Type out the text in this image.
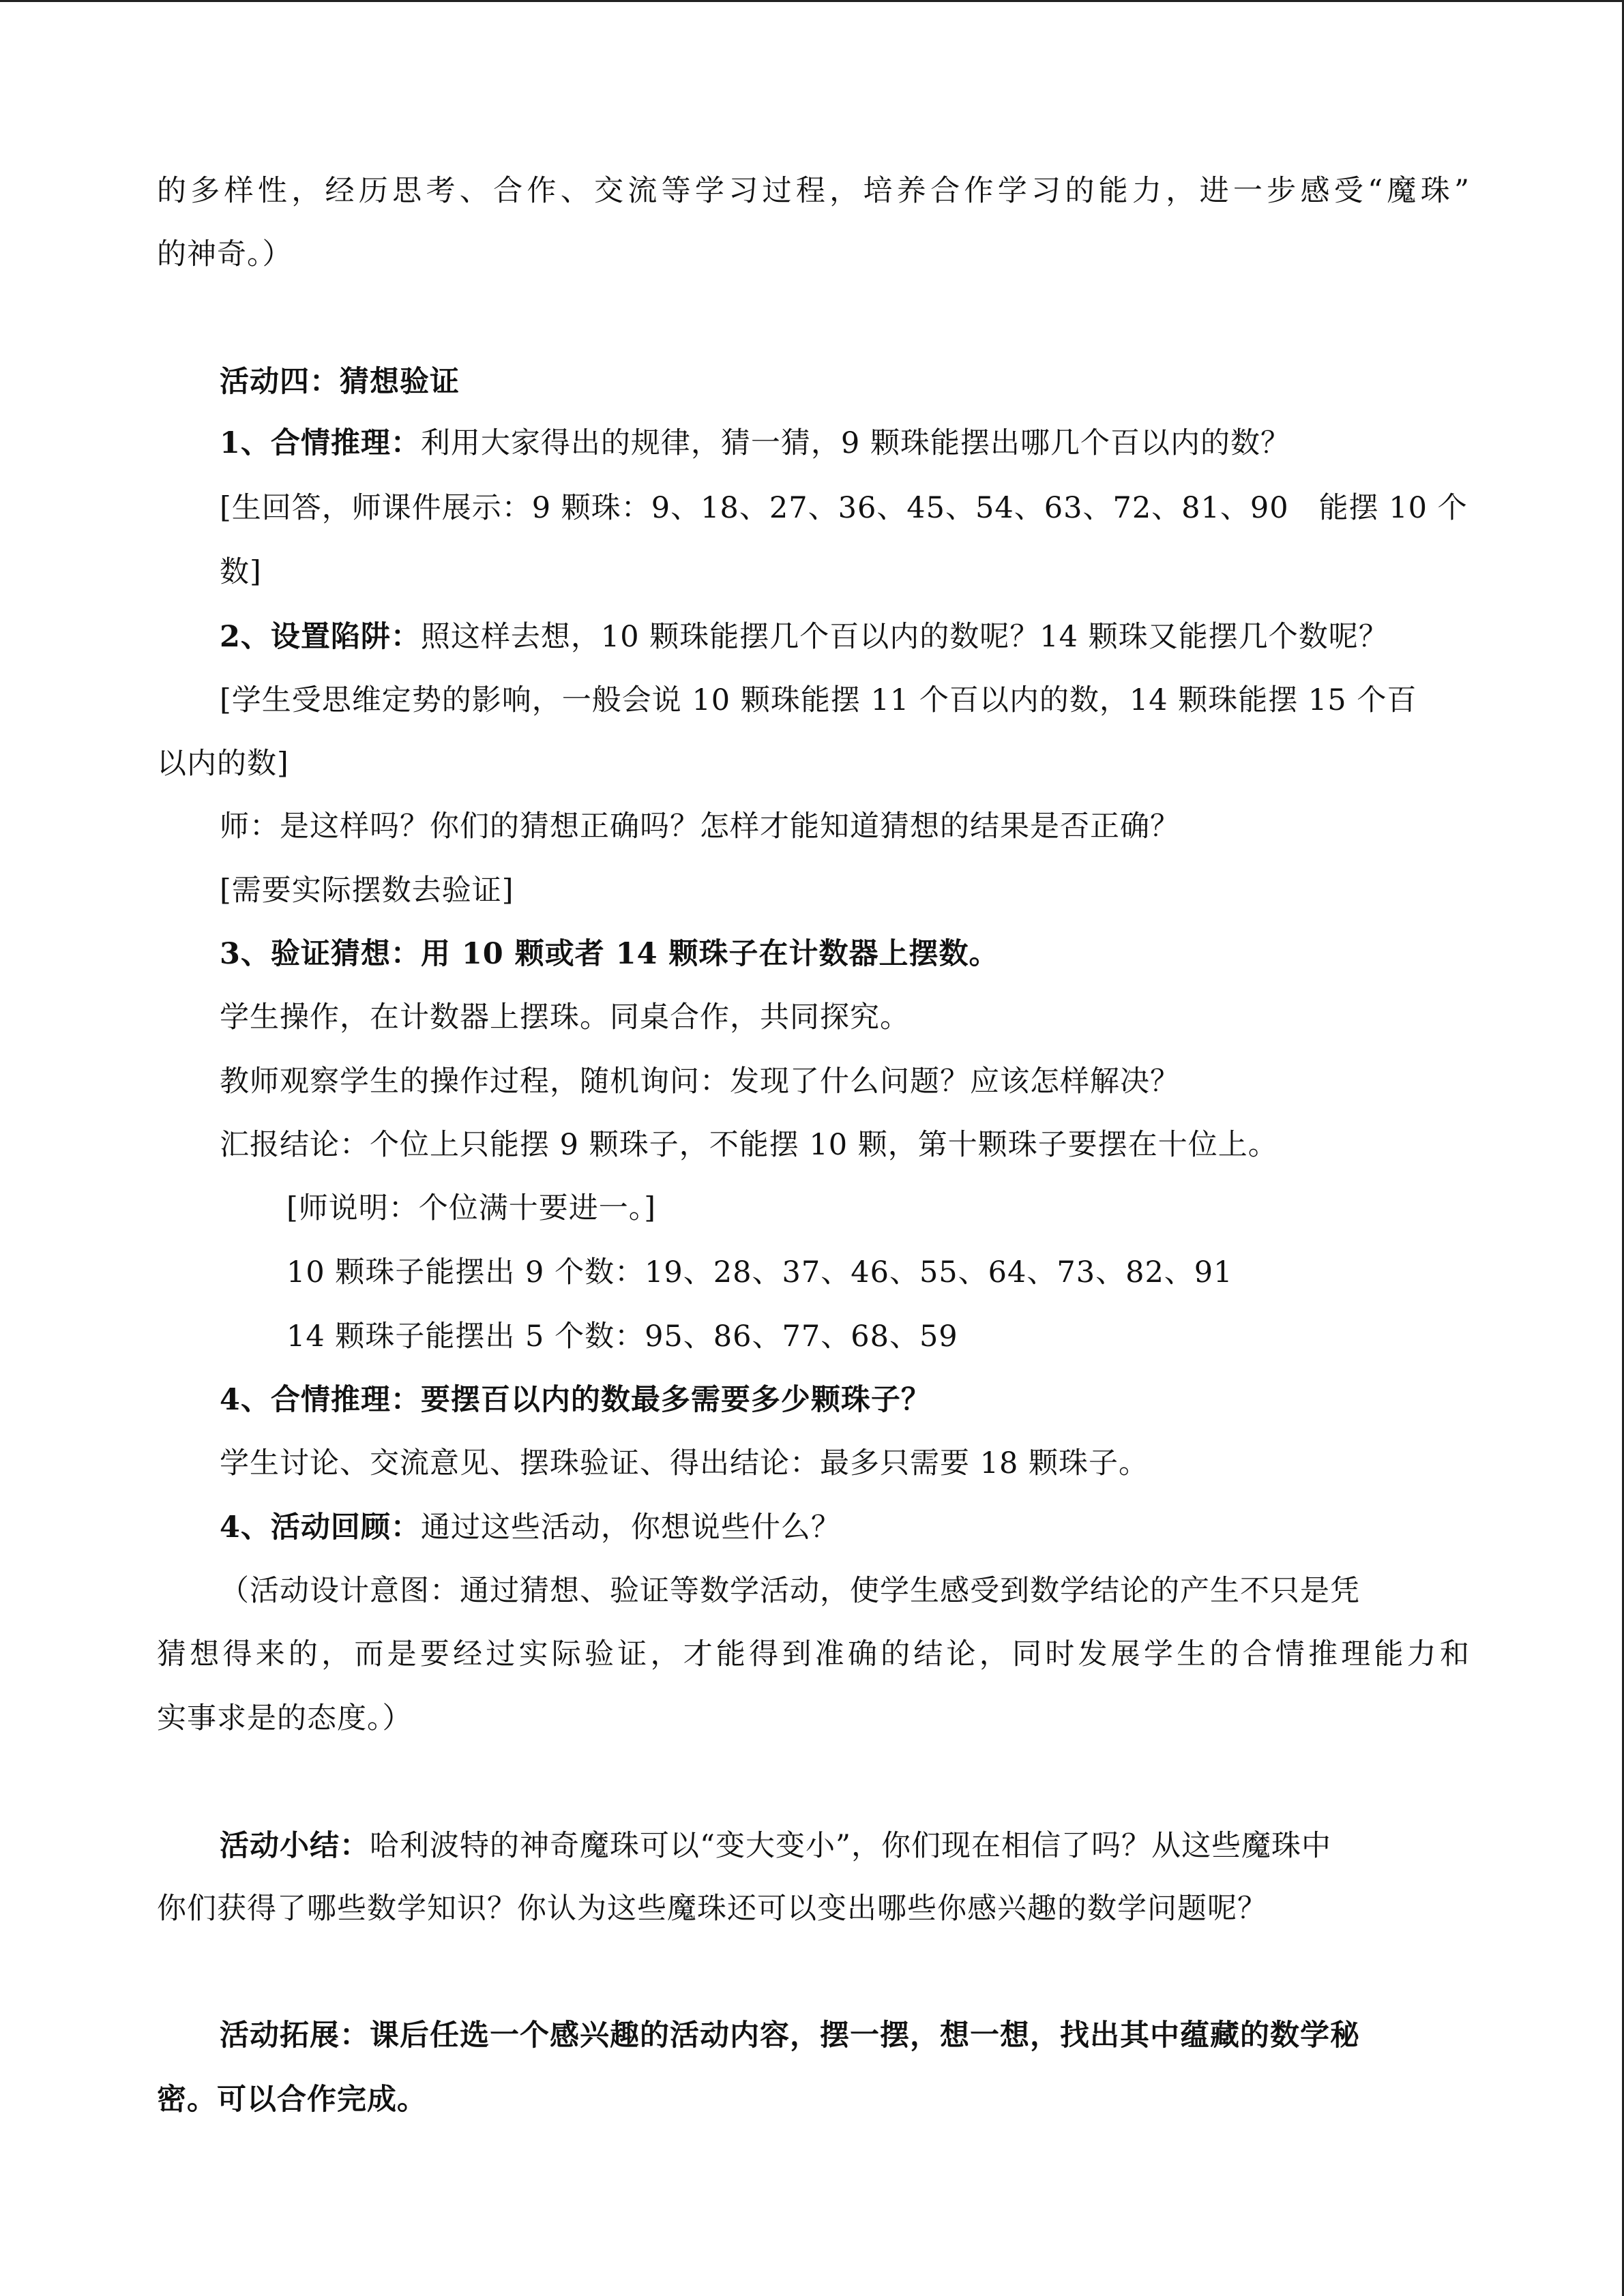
的多样性，经历思考、合作、交流等学习过程，培养合作学习的能力，进一步感受“魔珠”
的神奇。）
活动四：猜想验证
1、合情推理：利用大家得出的规律，猜一猜，9 颗珠能摆出哪几个百以内的数？
[生回答，师课件展示：9 颗珠：9、18、27、36、45、54、63、72、81、90　能摆 10 个
数]
2、设置陷阱：照这样去想，10 颗珠能摆几个百以内的数呢？14 颗珠又能摆几个数呢？
[学生受思维定势的影响，一般会说 10 颗珠能摆 11 个百以内的数，14 颗珠能摆 15 个百
以内的数]
师：是这样吗？你们的猜想正确吗？怎样才能知道猜想的结果是否正确？
[需要实际摆数去验证]
3、验证猜想：用 10 颗或者 14 颗珠子在计数器上摆数。
学生操作，在计数器上摆珠。同桌合作，共同探究。
教师观察学生的操作过程，随机询问：发现了什么问题？应该怎样解决？
汇报结论：个位上只能摆 9 颗珠子，不能摆 10 颗，第十颗珠子要摆在十位上。
[师说明：个位满十要进一。]
10 颗珠子能摆出 9 个数：19、28、37、46、55、64、73、82、91
14 颗珠子能摆出 5 个数：95、86、77、68、59
4、合情推理：要摆百以内的数最多需要多少颗珠子？
学生讨论、交流意见、摆珠验证、得出结论：最多只需要 18 颗珠子。
4、活动回顾：通过这些活动，你想说些什么？
（活动设计意图：通过猜想、验证等数学活动，使学生感受到数学结论的产生不只是凭
猜想得来的，而是要经过实际验证，才能得到准确的结论，同时发展学生的合情推理能力和
实事求是的态度。）
活动小结：哈利波特的神奇魔珠可以“变大变小”，你们现在相信了吗？从这些魔珠中
你们获得了哪些数学知识？你认为这些魔珠还可以变出哪些你感兴趣的数学问题呢？
活动拓展：课后任选一个感兴趣的活动内容，摆一摆，想一想，找出其中蕴藏的数学秘
密。可以合作完成。
